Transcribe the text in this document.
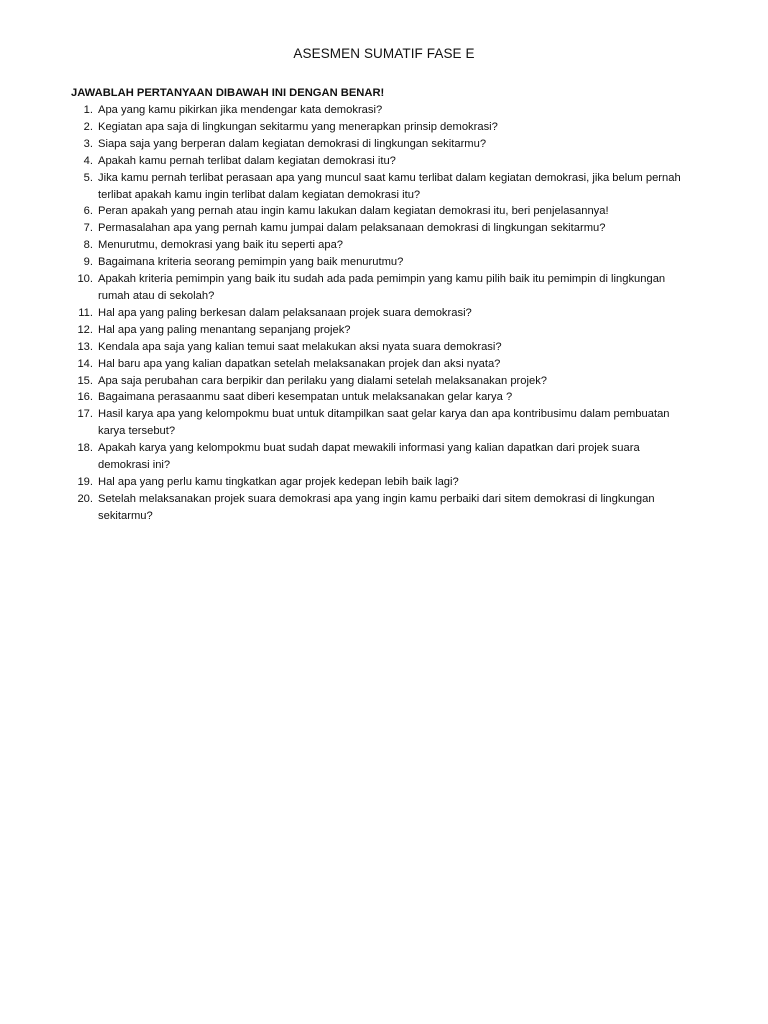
ASESMEN SUMATIF FASE E
JAWABLAH PERTANYAAN DIBAWAH INI DENGAN BENAR!
1. Apa yang kamu pikirkan jika mendengar kata demokrasi?
2. Kegiatan apa saja di lingkungan sekitarmu yang menerapkan prinsip demokrasi?
3. Siapa saja yang berperan dalam kegiatan demokrasi di lingkungan sekitarmu?
4. Apakah kamu pernah terlibat dalam kegiatan demokrasi itu?
5. Jika kamu pernah terlibat perasaan apa yang muncul saat kamu terlibat dalam kegiatan demokrasi, jika belum pernah terlibat apakah kamu ingin terlibat dalam kegiatan demokrasi itu?
6. Peran apakah yang pernah atau ingin kamu lakukan dalam kegiatan demokrasi itu, beri penjelasannya!
7. Permasalahan apa yang pernah kamu jumpai dalam pelaksanaan demokrasi di lingkungan sekitarmu?
8. Menurutmu, demokrasi yang baik itu seperti apa?
9. Bagaimana kriteria seorang pemimpin yang baik menurutmu?
10. Apakah kriteria pemimpin yang baik itu sudah ada pada pemimpin yang kamu pilih baik itu pemimpin di lingkungan rumah atau di sekolah?
11. Hal apa yang paling berkesan dalam pelaksanaan projek suara demokrasi?
12. Hal apa yang paling menantang sepanjang projek?
13. Kendala apa saja yang kalian temui saat melakukan aksi nyata suara demokrasi?
14. Hal baru apa yang kalian dapatkan setelah melaksanakan projek dan aksi nyata?
15. Apa saja perubahan cara berpikir dan perilaku yang dialami setelah melaksanakan projek?
16. Bagaimana perasaanmu saat diberi kesempatan untuk melaksanakan gelar karya ?
17. Hasil karya apa yang kelompokmu buat untuk ditampilkan saat gelar karya dan apa kontribusimu dalam pembuatan karya tersebut?
18. Apakah karya yang kelompokmu buat sudah dapat mewakili informasi yang kalian dapatkan dari projek suara demokrasi ini?
19. Hal apa yang perlu kamu tingkatkan agar projek kedepan lebih baik lagi?
20. Setelah melaksanakan projek suara demokrasi apa yang ingin kamu perbaiki dari sitem demokrasi di lingkungan sekitarmu?
